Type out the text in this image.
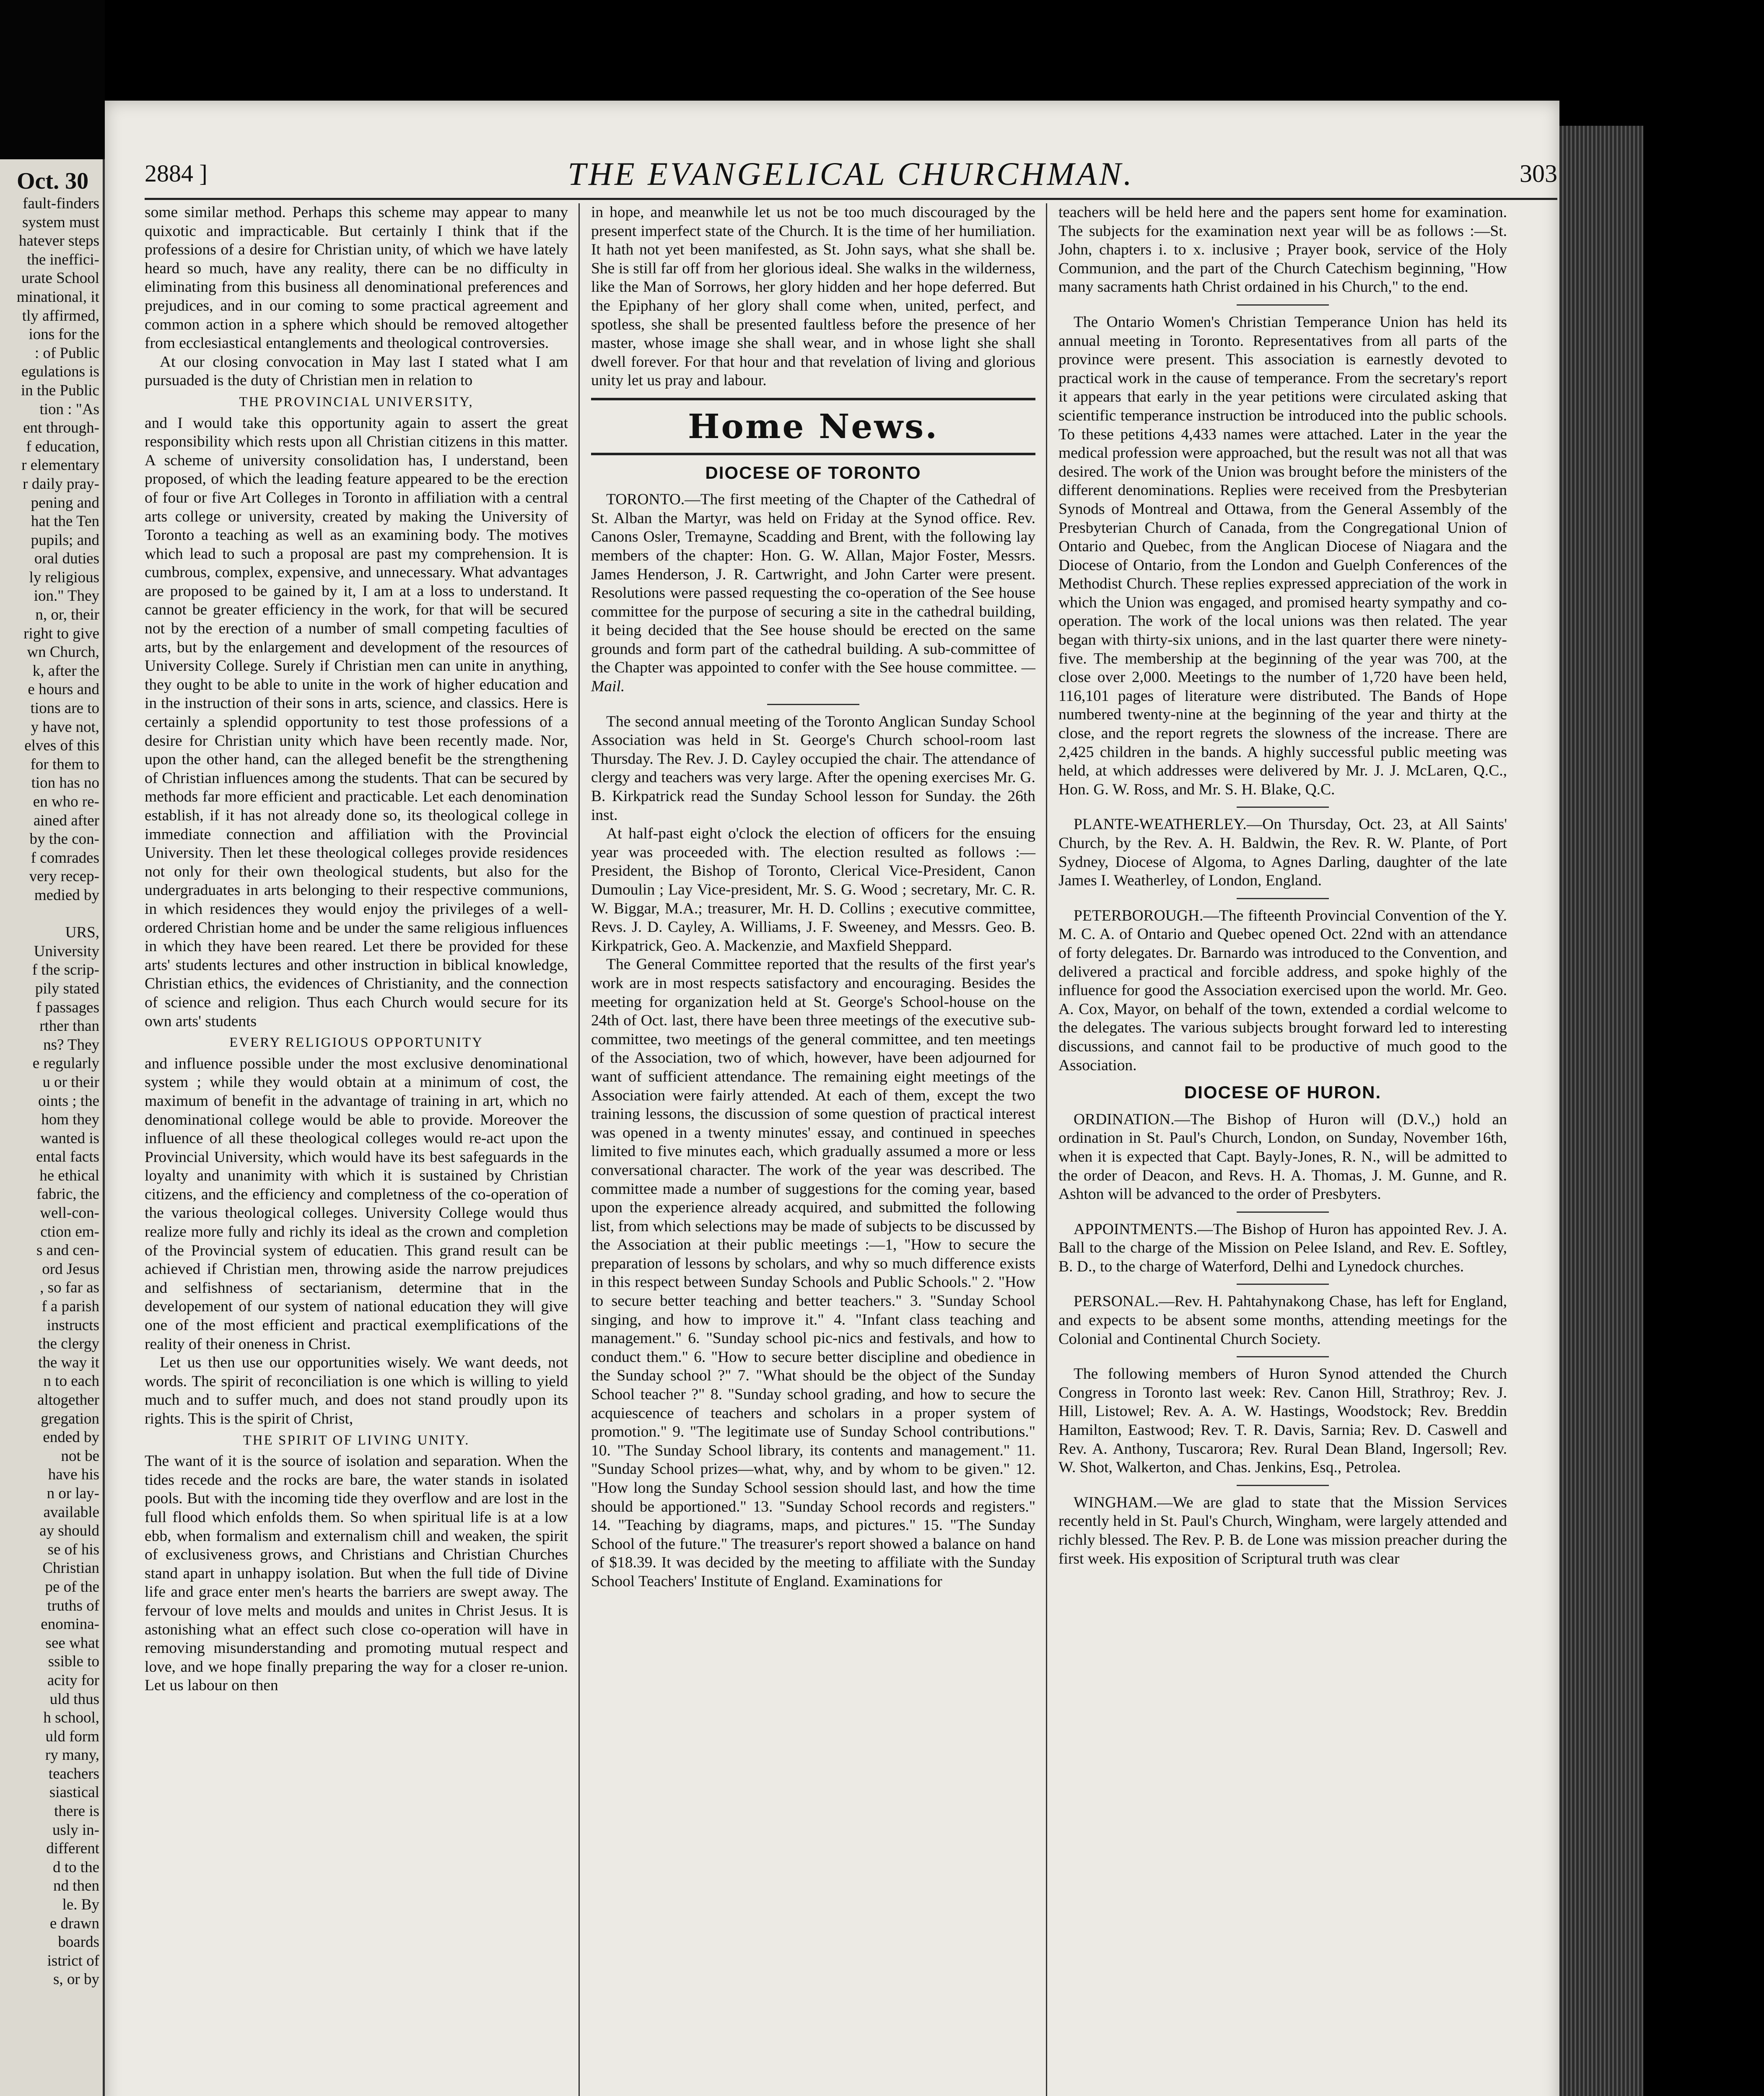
Oct. 30
fault-finders
system must
hatever steps
the ineffici-
urate School
minational, it
tly affirmed,
ions for the
: of Public
egulations is
in the Public
tion : "As
ent through-
f education,
r elementary
r daily pray-
pening and
hat the Ten
pupils; and
oral duties
ly religious
ion." They
n, or, their
right to give
wn Church,
k, after the
e hours and
tions are to
y have not,
elves of this
for them to
tion has no
en who re-
ained after
by the con-
f comrades
very recep-
medied by

URS,
University
f the scrip-
pily stated
f passages
rther than
ns? They
e regularly
u or their
oints ; the
hom they
wanted is
ental facts
he ethical
fabric, the
well-con-
ction em-
s and cen-
ord Jesus
, so far as
f a parish
instructs
the clergy
the way it
n to each
altogether
gregation
ended by
not be
have his
n or lay-
available
ay should
se of his
Christian
pe of the
truths of
enomina-
see what
ssible to
acity for
uld thus
h school,
uld form
ry many,
teachers
siastical
there is
usly in-
different
d to the
nd then
le. By
e drawn
boards
istrict of
s, or by
2884 ]	THE EVANGELICAL CHURCHMAN.	303

some similar method. Perhaps this scheme may appear to many quixotic and impracticable. But certainly I think that if the professions of a desire for Christian unity, of which we have lately heard so much, have any reality, there can be no difficulty in eliminating from this business all denominational preferences and prejudices, and in our coming to some practical agreement and common action in a sphere which should be removed altogether from ecclesiastical entanglements and theological controversies.

At our closing convocation in May last I stated what I am pursuaded is the duty of Christian men in relation to

THE PROVINCIAL UNIVERSITY,

and I would take this opportunity again to assert the great responsibility which rests upon all Christian citizens in this matter. A scheme of university consolidation has, I understand, been proposed, of which the leading feature appeared to be the erection of four or five Art Colleges in Toronto in affiliation with a central arts college or university, created by making the University of Toronto a teaching as well as an examining body. The motives which lead to such a proposal are past my comprehension. It is cumbrous, complex, expensive, and unnecessary. What advantages are proposed to be gained by it, I am at a loss to understand. It cannot be greater efficiency in the work, for that will be secured not by the erection of a number of small competing faculties of arts, but by the enlargement and development of the resources of University College. Surely if Christian men can unite in anything, they ought to be able to unite in the work of higher education and in the instruction of their sons in arts, science, and classics. Here is certainly a splendid opportunity to test those professions of a desire for Christian unity which have been recently made. Nor, upon the other hand, can the alleged benefit be the strengthening of Christian influences among the students. That can be secured by methods far more efficient and practicable. Let each denomination establish, if it has not already done so, its theological college in immediate connection and affiliation with the Provincial University. Then let these theological colleges provide residences not only for their own theological students, but also for the undergraduates in arts belonging to their respective communions, in which residences they would enjoy the privileges of a well-ordered Christian home and be under the same religious influences in which they have been reared. Let there be provided for these arts' students lectures and other instruction in biblical knowledge, Christian ethics, the evidences of Christianity, and the connection of science and religion. Thus each Church would secure for its own arts' students

EVERY RELIGIOUS OPPORTUNITY

and influence possible under the most exclusive denominational system ; while they would obtain at a minimum of cost, the maximum of benefit in the advantage of training in art, which no denominational college would be able to provide. Moreover the influence of all these theological colleges would re-act upon the Provincial University, which would have its best safeguards in the loyalty and unanimity with which it is sustained by Christian citizens, and the efficiency and completness of the co-operation of the various theological colleges. University College would thus realize more fully and richly its ideal as the crown and completion of the Provincial system of educatien. This grand result can be achieved if Christian men, throwing aside the narrow prejudices and selfishness of sectarianism, determine that in the developement of our system of national education they will give one of the most efficient and practical exemplifications of the reality of their oneness in Christ.

Let us then use our opportunities wisely. We want deeds, not words. The spirit of reconciliation is one which is willing to yield much and to suffer much, and does not stand proudly upon its rights. This is the spirit of Christ,

THE SPIRIT OF LIVING UNITY.

The want of it is the source of isolation and separation. When the tides recede and the rocks are bare, the water stands in isolated pools. But with the incoming tide they overflow and are lost in the full flood which enfolds them. So when spiritual life is at a low ebb, when formalism and externalism chill and weaken, the spirit of exclusiveness grows, and Christians and Christian Churches stand apart in unhappy isolation. But when the full tide of Divine life and grace enter men's hearts the barriers are swept away. The fervour of love melts and moulds and unites in Christ Jesus. It is astonishing what an effect such close co-operation will have in removing misunderstanding and promoting mutual respect and love, and we hope finally preparing the way for a closer re-union. Let us labour on then

in hope, and meanwhile let us not be too much discouraged by the present imperfect state of the Church. It is the time of her humiliation. It hath not yet been manifested, as St. John says, what she shall be. She is still far off from her glorious ideal. She walks in the wilderness, like the Man of Sorrows, her glory hidden and her hope deferred. But the Epiphany of her glory shall come when, united, perfect, and spotless, she shall be presented faultless before the presence of her master, whose image she shall wear, and in whose light she shall dwell forever. For that hour and that revelation of living and glorious unity let us pray and labour.

Home News.
DIOCESE OF TORONTO

TORONTO.—The first meeting of the Chapter of the Cathedral of St. Alban the Martyr, was held on Friday at the Synod office. Rev. Canons Osler, Tremayne, Scadding and Brent, with the following lay members of the chapter: Hon. G. W. Allan, Major Foster, Messrs. James Henderson, J. R. Cartwright, and John Carter were present. Resolutions were passed requesting the co-operation of the See house committee for the purpose of securing a site in the cathedral building, it being decided that the See house should be erected on the same grounds and form part of the cathedral building. A sub-committee of the Chapter was appointed to confer with the See house committee. —Mail.

The second annual meeting of the Toronto Anglican Sunday School Association was held in St. George's Church school-room last Thursday. The Rev. J. D. Cayley occupied the chair. The attendance of clergy and teachers was very large. After the opening exercises Mr. G. B. Kirkpatrick read the Sunday School lesson for Sunday. the 26th inst.

At half-past eight o'clock the election of officers for the ensuing year was proceeded with. The election resulted as follows :—President, the Bishop of Toronto, Clerical Vice-President, Canon Dumoulin ; Lay Vice-president, Mr. S. G. Wood ; secretary, Mr. C. R. W. Biggar, M.A.; treasurer, Mr. H. D. Collins ; executive committee, Revs. J. D. Cayley, A. Williams, J. F. Sweeney, and Messrs. Geo. B. Kirkpatrick, Geo. A. Mackenzie, and Maxfield Sheppard.

The General Committee reported that the results of the first year's work are in most respects satisfactory and encouraging. Besides the meeting for organization held at St. George's School-house on the 24th of Oct. last, there have been three meetings of the executive sub-committee, two meetings of the general committee, and ten meetings of the Association, two of which, however, have been adjourned for want of sufficient attendance. The remaining eight meetings of the Association were fairly attended. At each of them, except the two training lessons, the discussion of some question of practical interest was opened in a twenty minutes' essay, and continued in speeches limited to five minutes each, which gradually assumed a more or less conversational character. The work of the year was described. The committee made a number of suggestions for the coming year, based upon the experience already acquired, and submitted the following list, from which selections may be made of subjects to be discussed by the Association at their public meetings :—1, "How to secure the preparation of lessons by scholars, and why so much difference exists in this respect between Sunday Schools and Public Schools." 2. "How to secure better teaching and better teachers." 3. "Sunday School singing, and how to improve it." 4. "Infant class teaching and management." 6. "Sunday school pic-nics and festivals, and how to conduct them." 6. "How to secure better discipline and obedience in the Sunday school ?" 7. "What should be the object of the Sunday School teacher ?" 8. "Sunday school grading, and how to secure the acquiescence of teachers and scholars in a proper system of promotion." 9. "The legitimate use of Sunday School contributions." 10. "The Sunday School library, its contents and management." 11. "Sunday School prizes—what, why, and by whom to be given." 12. "How long the Sunday School session should last, and how the time should be apportioned." 13. "Sunday School records and registers." 14. "Teaching by diagrams, maps, and pictures." 15. "The Sunday School of the future." The treasurer's report showed a balance on hand of $18.39. It was decided by the meeting to affiliate with the Sunday School Teachers' Institute of England. Examinations for

teachers will be held here and the papers sent home for examination. The subjects for the examination next year will be as follows :—St. John, chapters i. to x. inclusive ; Prayer book, service of the Holy Communion, and the part of the Church Catechism beginning, "How many sacraments hath Christ ordained in his Church," to the end.

The Ontario Women's Christian Temperance Union has held its annual meeting in Toronto. Representatives from all parts of the province were present. This association is earnestly devoted to practical work in the cause of temperance. From the secretary's report it appears that early in the year petitions were circulated asking that scientific temperance instruction be introduced into the public schools. To these petitions 4,433 names were attached. Later in the year the medical profession were approached, but the result was not all that was desired. The work of the Union was brought before the ministers of the different denominations. Replies were received from the Presbyterian Synods of Montreal and Ottawa, from the General Assembly of the Presbyterian Church of Canada, from the Congregational Union of Ontario and Quebec, from the Anglican Diocese of Niagara and the Diocese of Ontario, from the London and Guelph Conferences of the Methodist Church. These replies expressed appreciation of the work in which the Union was engaged, and promised hearty sympathy and co-operation. The work of the local unions was then related. The year began with thirty-six unions, and in the last quarter there were ninety-five. The membership at the beginning of the year was 700, at the close over 2,000. Meetings to the number of 1,720 have been held, 116,101 pages of literature were distributed. The Bands of Hope numbered twenty-nine at the beginning of the year and thirty at the close, and the report regrets the slowness of the increase. There are 2,425 children in the bands. A highly successful public meeting was held, at which addresses were delivered by Mr. J. J. McLaren, Q.C., Hon. G. W. Ross, and Mr. S. H. Blake, Q.C.

PLANTE-WEATHERLEY.—On Thursday, Oct. 23, at All Saints' Church, by the Rev. A. H. Baldwin, the Rev. R. W. Plante, of Port Sydney, Diocese of Algoma, to Agnes Darling, daughter of the late James I. Weatherley, of London, England.

PETERBOROUGH.—The fifteenth Provincial Convention of the Y. M. C. A. of Ontario and Quebec opened Oct. 22nd with an attendance of forty delegates. Dr. Barnardo was introduced to the Convention, and delivered a practical and forcible address, and spoke highly of the influence for good the Association exercised upon the world. Mr. Geo. A. Cox, Mayor, on behalf of the town, extended a cordial welcome to the delegates. The various subjects brought forward led to interesting discussions, and cannot fail to be productive of much good to the Association.

DIOCESE OF HURON.

ORDINATION.—The Bishop of Huron will (D.V.,) hold an ordination in St. Paul's Church, London, on Sunday, November 16th, when it is expected that Capt. Bayly-Jones, R. N., will be admitted to the order of Deacon, and Revs. H. A. Thomas, J. M. Gunne, and R. Ashton will be advanced to the order of Presbyters.

APPOINTMENTS.—The Bishop of Huron has appointed Rev. J. A. Ball to the charge of the Mission on Pelee Island, and Rev. E. Softley, B. D., to the charge of Waterford, Delhi and Lynedock churches.

PERSONAL.—Rev. H. Pahtahynakong Chase, has left for England, and expects to be absent some months, attending meetings for the Colonial and Continental Church Society.

The following members of Huron Synod attended the Church Congress in Toronto last week: Rev. Canon Hill, Strathroy; Rev. J. Hill, Listowel; Rev. A. A. W. Hastings, Woodstock; Rev. Breddin Hamilton, Eastwood; Rev. T. R. Davis, Sarnia; Rev. D. Caswell and Rev. A. Anthony, Tuscarora; Rev. Rural Dean Bland, Ingersoll; Rev. W. Shot, Walkerton, and Chas. Jenkins, Esq., Petrolea.

WINGHAM.—We are glad to state that the Mission Services recently held in St. Paul's Church, Wingham, were largely attended and richly blessed. The Rev. P. B. de Lone was mission preacher during the first week. His exposition of Scriptural truth was clear
